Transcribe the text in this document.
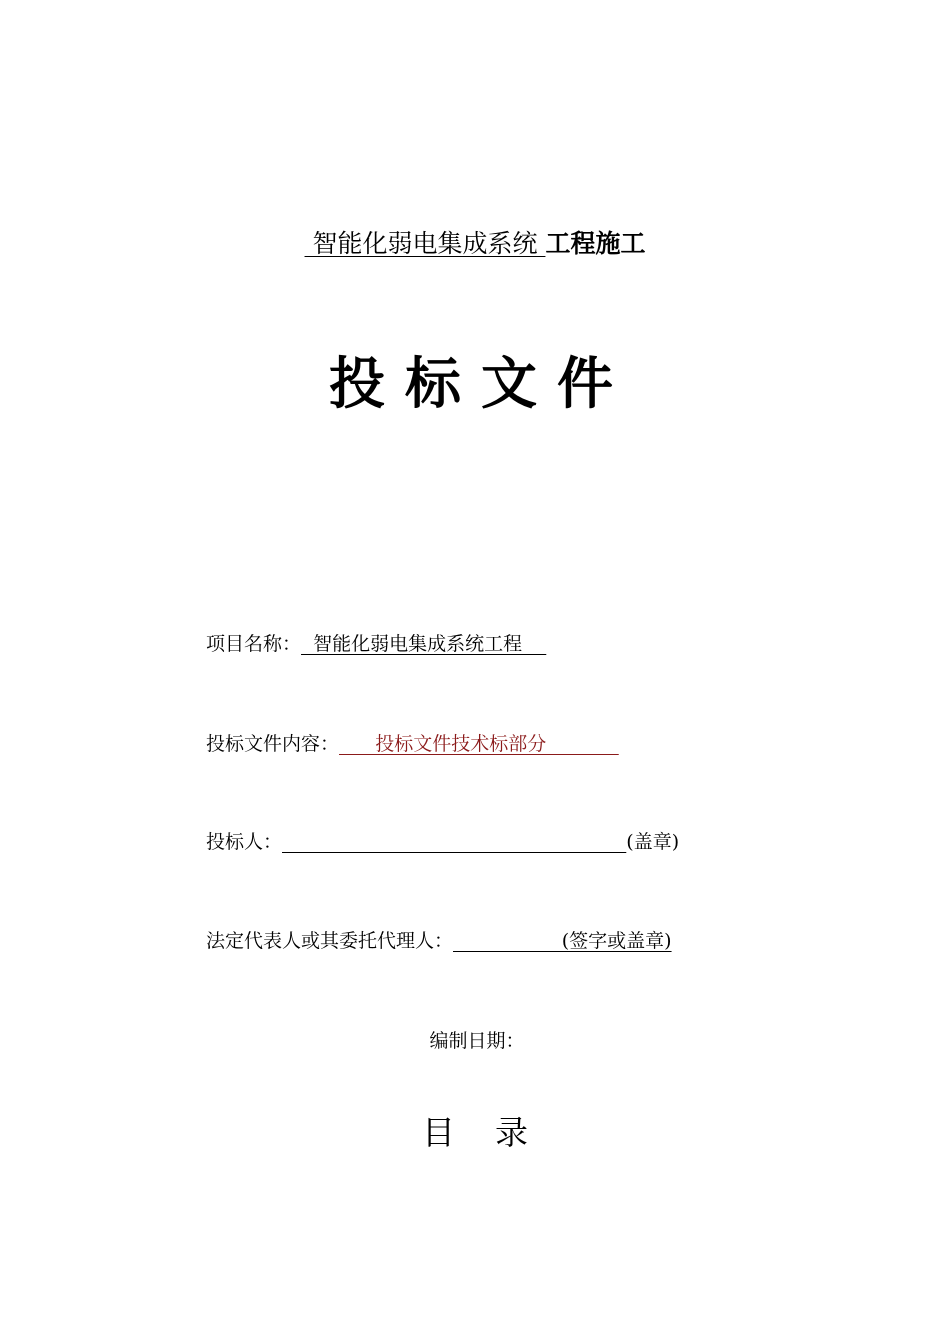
智能化弱电集成系统 工程施工
投标文件
项目名称：  智能化弱电集成系统工程
投标文件内容：      投标文件技术标部分
投标人：	(盖章)
法定代表人或其委托代理人：                  (签字或盖章)
编制日期：
目录
